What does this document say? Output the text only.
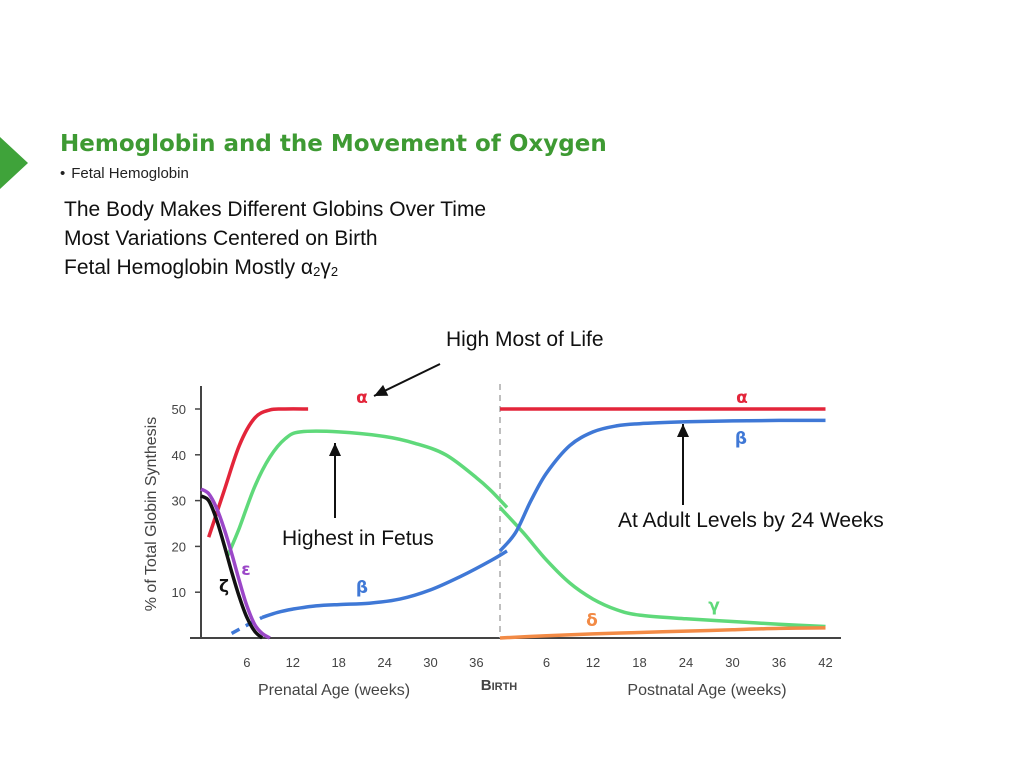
Hemoglobin and the Movement of Oxygen
• Fetal Hemoglobin
The Body Makes Different Globins Over Time
Most Variations Centered on Birth
Fetal Hemoglobin Mostly α2γ2
High Most of Life
Highest in Fetus
At Adult Levels by 24 Weeks
10
20
30
40
50
6	12 18 24 30 36	6	12 18 24 30 36 42
α	α
β
β
γ
δ
ε
ζ
% of Total Globin Synthesis
Prenatal Age (weeks)	Postnatal Age (weeks)
BIRTH
